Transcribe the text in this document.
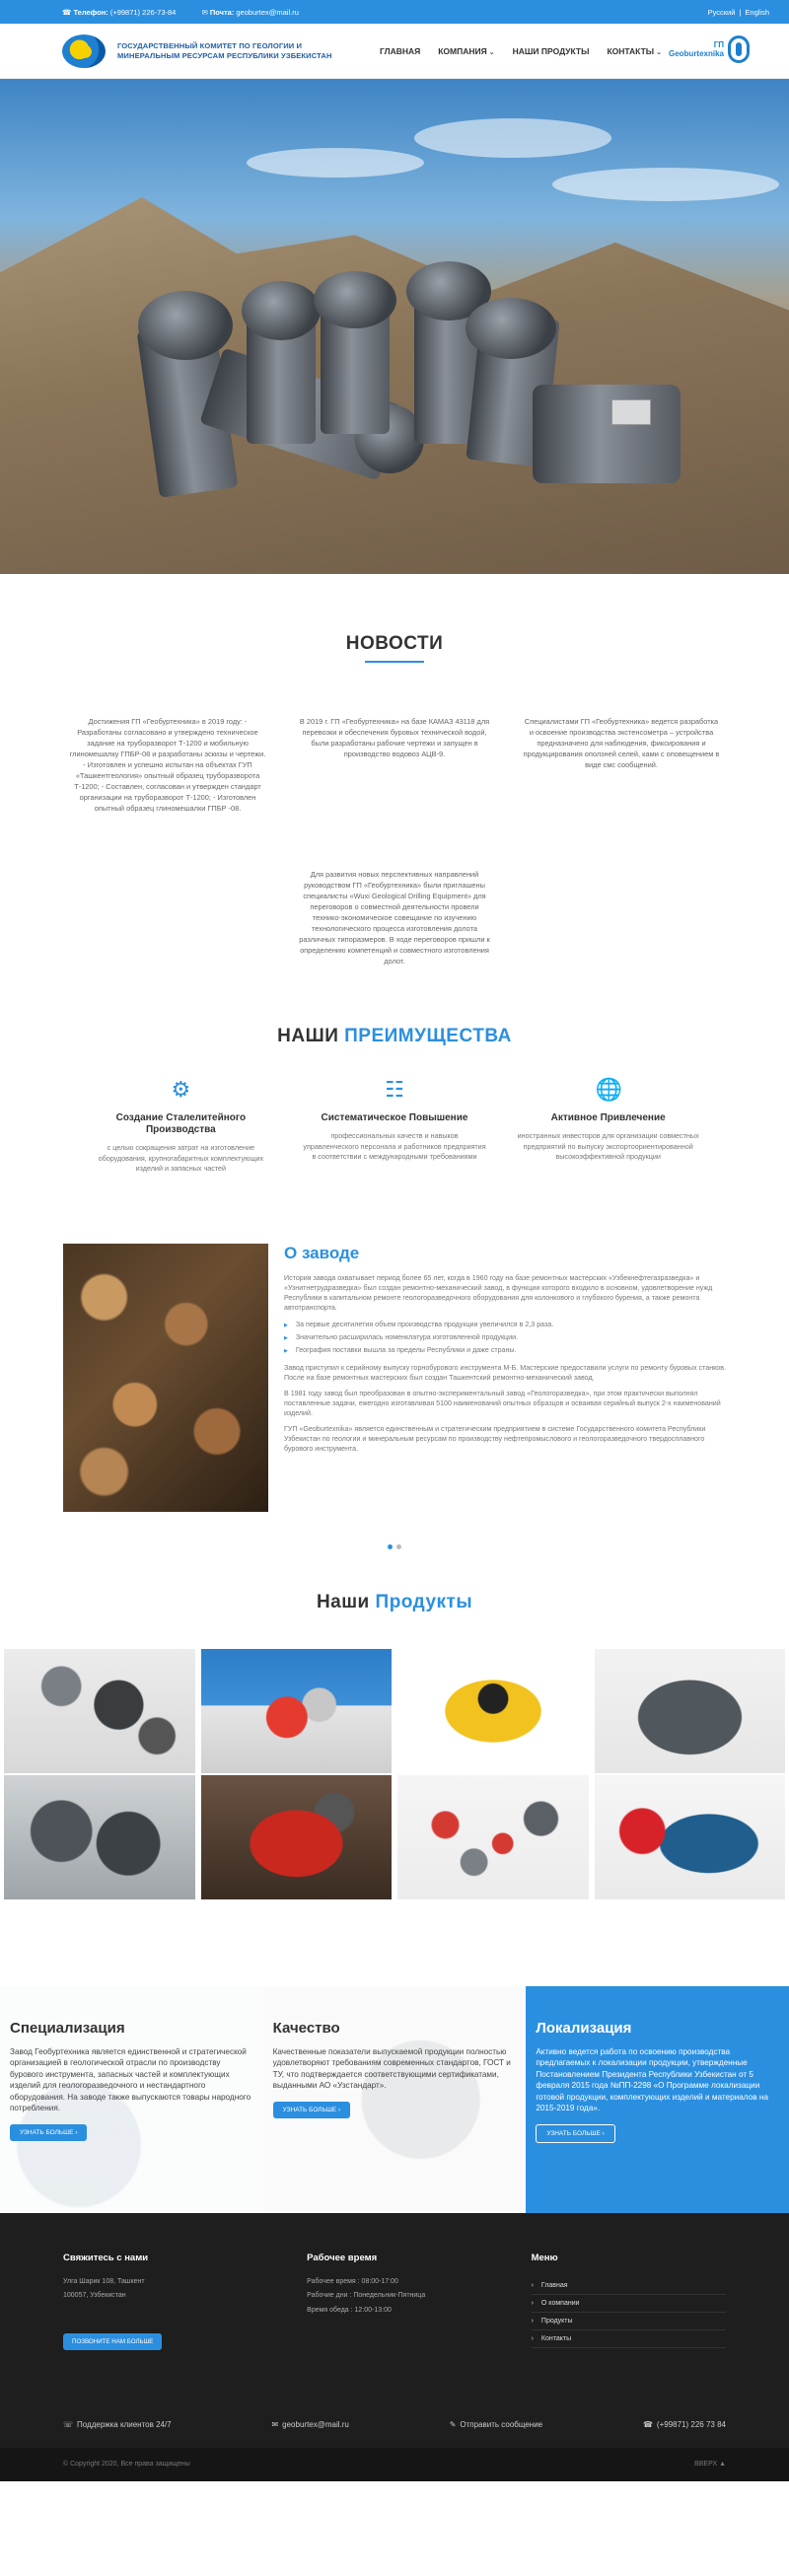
☎ Телефон: (+99871) 226-73-84	✉ Почта: geoburtex@mail.ru	Русский | English
ГОСУДАРСТВЕННЫЙ КОМИТЕТ ПО ГЕОЛОГИИ И МИНЕРАЛЬНЫМ РЕСУРСАМ РЕСПУБЛИКИ УЗБЕКИСТАН	ГЛАВНАЯ КОМПАНИЯ ⌄ НАШИ ПРОДУКТЫ КОНТАКТЫ ⌄
ГП
Geoburtexnika
НОВОСТИ

Достижения ГП «Геобуртехника» в 2019 году: - Разработаны согласовано и утверждено техническое задание на труборазворот Т-1200 и мобильную глиномешалку ГПБР-08 и разработаны эскизы и чертежи. - Изготовлен и успешно испытан на объектах ГУП «Ташкентгеология» опытный образец труборазворота Т-1200; - Составлен, согласован и утвержден стандарт организации на труборазворот Т-1200; - Изготовлен опытный образец глиномешалки ГПБР -08.

В 2019 г. ГП «Геобуртехника» на базе КАМАЗ 43118 для перевозки и обеспечения буровых технической водой, были разработаны рабочие чертежи и запущен в производство водовоз АЦВ-9.

Специалистами ГП «Геобуртехника» ведется разработка и освоение производства экстенсометра – устройства предназначено для наблюдения, фиксирования и продукцирования оползней селей, ками с оповещением в виде смс сообщений.

Для развития новых перспективных направлений руководством ГП «Геобуртехника» были приглашены специалисты «Wuxi Geological Drilling Equipment» для переговоров о совместной деятельности провели технико-экономическое совещание по изучению технологического процесса изготовления долота различных типоразмеров. В ходе переговоров пришли к определению компетенций и совместного изготовления долот.

НАШИ ПРЕИМУЩЕСТВА
⚙
Создание Сталелитейного Производства

с целью сокращения затрат на изготовление оборудования, крупногабаритных комплектующих изделий и запасных частей

☷
Систематическое Повышение

профессиональных качеств и навыков управленческого персонала и работников предприятия в соответствии с международными требованиями

🌐
Активное Привлечение

иностранных инвесторов для организации совместных предприятий по выпуску экспортоориентированной высокоэффективной продукции

О заводе

История завода охватывает период более 65 лет, когда в 1960 году на базе ремонтных мастерских «Узбекнефтегазразведка» и «Узнитнетрудразведка» был создан ремонтно-механический завод, в функции которого входило в основном, удовлетворение нужд Республики в капитальном ремонте геологоразведочного оборудования для колонкового и глубокого бурения, а также ремонта автотранспорта.

▶ За первые десятилетия объем производства продукции увеличился в 2,3 раза.
▶ Значительно расширилась номенклатура изготовленной продукции.
▶ География поставки вышла за пределы Республики и даже страны.

Завод приступил к серийному выпуску горнобурового инструмента М-Б. Мастерские предоставили услуги по ремонту буровых станков. После на базе ремонтных мастерских был создан Ташкентский ремонтно-механический завод.

В 1981 году завод был преобразован в опытно-экспериментальный завод «Геологоразведка», при этом практически выполнял поставленные задачи, ежегодно изготавливая 5100 наименований опытных образцов и осваивая серийный выпуск 2-x наименований изделий.

ГУП «Geoburtexnika» является единственным и стратегическим предприятием в системе Государственного комитета Республики Узбекистан по геологии и минеральным ресурсам по производству нефтепромыслового и геологоразведочного твердосплавного бурового инструмента.

Наши Продукты
Специализация

Завод Геобуртехника является единственной и стратегической организацией в геологической отрасли по производству бурового инструмента, запасных частей и комплектующих изделий для геологоразведочного и нестандартного оборудования. На заводе также выпускаются товары народного потребления.

УЗНАТЬ БОЛЬШЕ ›
Качество

Качественные показатели выпускаемой продукции полностью удовлетворяют требованиям современных стандартов, ГОСТ и ТУ, что подтверждается соответствующими сертификатами, выданными АО «Узстандарт».

УЗНАТЬ БОЛЬШЕ ›
Локализация

Активно ведется работа по освоению производства предлагаемых к локализации продукции, утвержденные Постановлением Президента Республики Узбекистан от 5 февраля 2015 года №ПП-2298 «О Программе локализации готовой продукции, комплектующих изделий и материалов на 2015-2019 года».

УЗНАТЬ БОЛЬШЕ ›
Свяжитесь с нами

Улга Шарик 108, Ташкент

100057, Узбекистан

ПОЗВОНИТЕ НАМ БОЛЬШЕ
Рабочее время

Рабочее время : 08:00-17:00

Рабочие дни : Понедельник-Пятница

Время обеда : 12:00-13:00

Меню
› Главная
› О компании
› Продукты
› Контакты
☏ Поддержка клиентов 24/7	✉ geoburtex@mail.ru	✎ Отправить сообщение	☎ (+99871) 226 73 84
© Copyright 2020, Все права защищены	ВВЕРХ ▲
